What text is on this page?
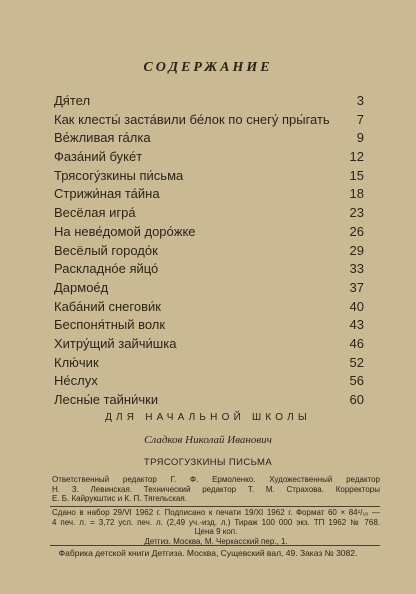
СОДЕРЖАНИЕ
Дя́тел	3
Как клесты́ заста́вили бе́лок по снегу́ пры́гать	7
Ве́жливая га́лка	9
Фаза́ний буке́т	12
Трясогу́зкины пи́сьма	15
Стрижи́ная та́йна	18
Весёлая игра́	23
На неве́домой доро́жке	26
Весёлый городо́к	29
Раскладно́е яйцо́	33
Дармое́д	37
Каба́ний снегови́к	40
Беспоня́тный волк	43
Хитру́щий зайчи́шка	46
Клю́чик	52
Не́слух	56
Лесны́е тайни́чки	60
ДЛЯ НАЧАЛЬНОЙ ШКОЛЫ
Сладков Николай Иванович
ТРЯСОГУЗКИНЫ ПИСЬМА
Ответственный редактор Г. Ф. Ермоленко. Художественный редактор
Н. З. Левинская. Технический редактор Т. М. Страхова. Корректоры
Е. Б. Кайрукштис и К. П. Тягельская.
Сдано в набор 29/VI 1962 г. Подписано к печати 19/XI 1962 г. Формат 60 × 84¹/₁₆ —
4 печ. л. = 3,72 усл. печ. л. (2,49 уч.-изд. л.) Тираж 100 000 экз. ТП 1962 № 768.
Цена 9 коп.
Детгиз. Москва, М. Черкасский пер., 1.
Фабрика детской книги Детгиза. Москва, Сущевский вал, 49. Заказ № 3082.
